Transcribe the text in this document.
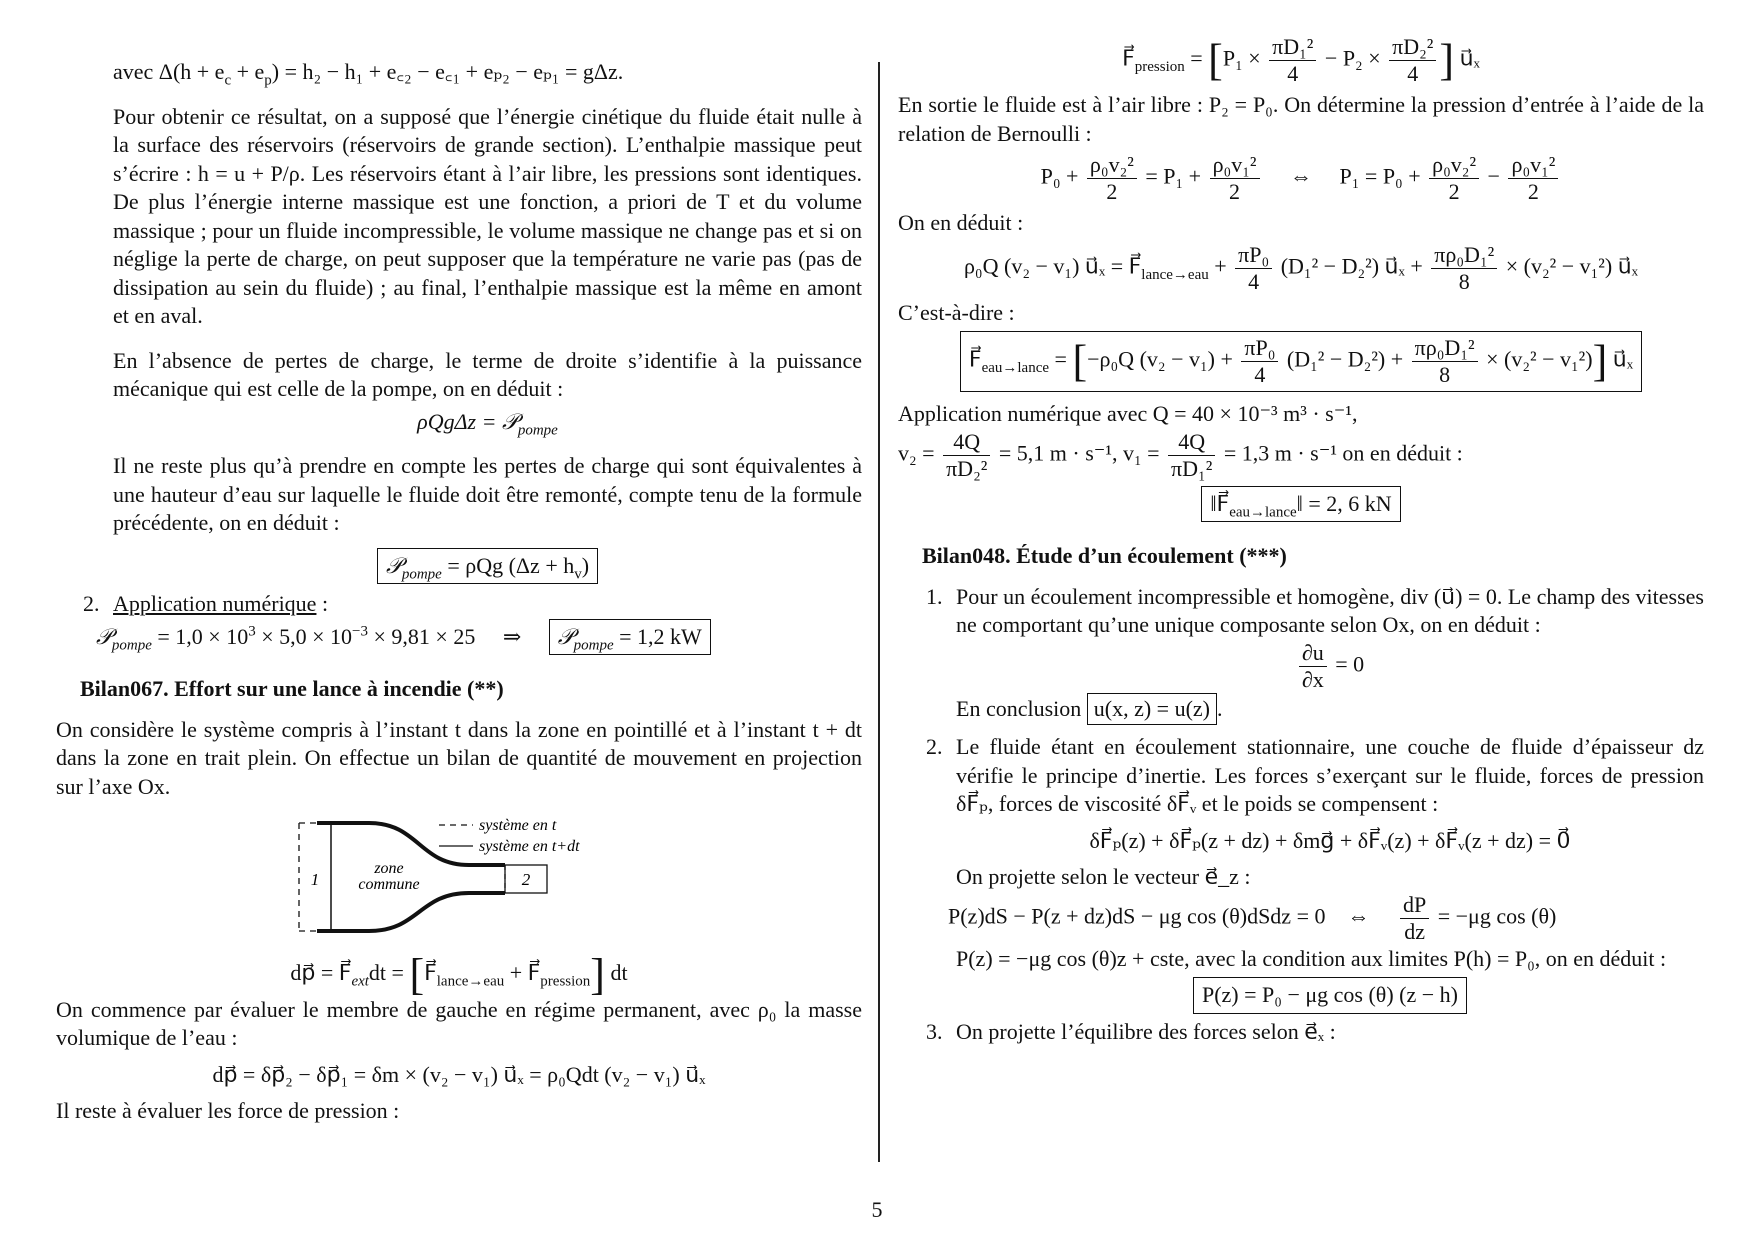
avec $\Delta(h + e_c + e_p) = h_2 - h_1$ + e꜀₂ − e꜀₁ + eₚ₂ − eₚ₁ = gΔz.

Pour obtenir ce résultat, on a supposé que l’énergie cinétique du fluide était nulle à la surface des réservoirs (réservoirs de grande section). L’enthalpie massique peut s’écrire : h = u + P/ρ. Les réservoirs étant à l’air libre, les pressions sont identiques. De plus l’énergie interne massique est une fonction, a priori de T et du volume massique ; pour un fluide incompressible, le volume massique ne change pas et si on néglige la perte de charge, on peut supposer que la température ne varie pas (pas de dissipation au sein du fluide) ; au final, l’enthalpie massique est la même en amont et en aval.

En l’absence de pertes de charge, le terme de droite s’identifie à la puissance mécanique qui est celle de la pompe, on en déduit :

ρQgΔz = 𝒫$_{pompe}$

Il ne reste plus qu’à prendre en compte les pertes de charge qui sont équivalentes à une hauteur d’eau sur laquelle le fluide doit être remonté, compte tenu de la formule précédente, on en déduit :

𝒫$_{pompe}$ = ρQg $(\Delta z + h_v)$

2. Application numérique :

𝒫$_{pompe}$ = $1,0 \times 10^3 \times 5,0 \times 10^{-3} \times 9,81 \times 25$ ⇒ 𝒫$_{pompe}$ = 1,2 kW

Bilan067. Effort sur une lance à incendie (**)

On considère le système compris à l’instant t dans la zone en pointillé et à l’instant t + dt dans la zone en trait plein. On effectue un bilan de quantité de mouvement en projection sur l’axe Ox.

système en t
système en t+dt
zone
commune
1	2

dp⃗ = $F⃗_{ext}dt$ = [$F⃗_{lance\to eau}$ + $F⃗_{pression}$] dt

On commence par évaluer le membre de gauche en régime permanent, avec ρ₀ la masse volumique de l’eau :

dp⃗ = δp⃗₂ − δp⃗₁ = δm × (v₂ − v₁) u⃗ₓ = ρ₀Qdt (v₂ − v₁) u⃗ₓ

Il reste à évaluer les force de pression :

$F⃗_{pression} = [P_1 \times \frac{\text{πD₁²}}{4} - P_2 \times \frac{\text{πD₂²}}{4}$ ] u⃗ₓ

En sortie le fluide est à l’air libre : P₂ = P₀. On détermine la pression d’entrée à l’aide de la relation de Bernoulli :

$P_0 + \frac{\text{ρ₀v₂²}}{2} = P_1 + \frac{\text{ρ₀v₁²}}{2}$ ⇔ $P_1 = P_0 + \frac{\text{ρ₀v₂²}}{2} - \frac{\text{ρ₀v₁²}}{2}$

On en déduit :

ρ₀Q (v₂ − v₁) u⃗ₓ = $F⃗_{lance\to eau} + \frac{\text{πP₀}}{4} (D_1^2 - D_2^2)$ u⃗ₓ + $\frac{\text{πρ₀D₁²}}{8} \times (v_2^2 - v_1^2)$ u⃗ₓ

C’est-à-dire :

$F⃗_{eau\to lance} = [-\rho_0Q$ $(v_2 - v_1) + \frac{\text{πP₀}}{4} (D_1^2 - D_2^2) + \frac{\text{πρ₀D₁²}}{8} \times (v_2^2 - v_1^2)$] u⃗ₓ

Application numérique avec Q = 40 × 10⁻³ m³ · s⁻¹,

$v_2 = \frac{4Q}{\text{πD₂²}} = 5,1$ m · s⁻¹, $v_1 = \frac{4Q}{\text{πD₁²}} = 1,3$ m · s⁻¹ on en déduit :

$‖F⃗_{eau\to lance}‖ = 2$, 6 kN

Bilan048. Étude d’un écoulement (***)

1. Pour un écoulement incompressible et homogène, div (u⃗) = 0. Le champ des vitesses ne comportant qu’une unique composante selon Ox, on en déduit :

$\frac{\partial u}{\partial x} = 0$

En conclusion u(x, z) = u(z) .

2. Le fluide étant en écoulement stationnaire, une couche de fluide d’épaisseur dz vérifie le principe d’inertie. Les forces s’exerçant sur le fluide, forces de pression δF⃗ₚ, forces de viscosité δF⃗ᵥ et le poids se compensent :

δF⃗ₚ(z) + δF⃗ₚ(z + dz) + δmg⃗ + δF⃗ᵥ(z) + δF⃗ᵥ(z + dz) = 0⃗

On projette selon le vecteur e⃗_z :

P(z)dS − P(z + dz)dS − μg cos (θ)dSdz = 0 ⇔ $\frac{dP}{dz} = -\mu g$ cos (θ)

P(z) = −μg cos (θ)z + cste, avec la condition aux limites P(h) = P₀, on en déduit :

P(z) = P₀ − μg cos (θ) (z − h)

3. On projette l’équilibre des forces selon e⃗ₓ :
5
